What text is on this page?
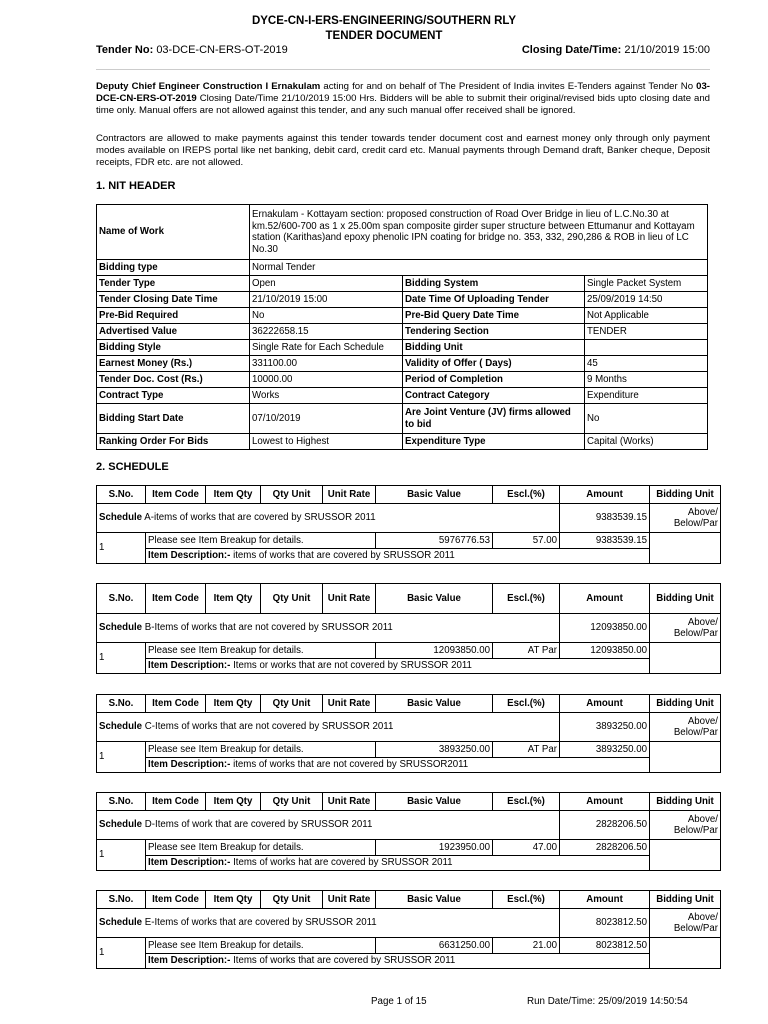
DYCE-CN-I-ERS-ENGINEERING/SOUTHERN RLY
TENDER DOCUMENT
Tender No: 03-DCE-CN-ERS-OT-2019	Closing Date/Time: 21/10/2019 15:00
Deputy Chief Engineer Construction I Ernakulam acting for and on behalf of The President of India invites E-Tenders against Tender No 03-DCE-CN-ERS-OT-2019 Closing Date/Time 21/10/2019 15:00 Hrs. Bidders will be able to submit their original/revised bids upto closing date and time only. Manual offers are not allowed against this tender, and any such manual offer received shall be ignored.
Contractors are allowed to make payments against this tender towards tender document cost and earnest money only through only payment modes available on IREPS portal like net banking, debit card, credit card etc. Manual payments through Demand draft, Banker cheque, Deposit receipts, FDR etc. are not allowed.
1. NIT HEADER
Name of Work	Ernakulam - Kottayam section: proposed construction of Road Over Bridge in lieu of L.C.No.30 at km.52/600-700 as 1 x 25.00m span composite girder super structure between Ettumanur and Kottayam station (Karithas)and epoxy phenolic IPN coating for bridge no. 353, 332, 290,286 & ROB in lieu of LC No.30		
Bidding type	Normal Tender		
Tender Type	Open	Bidding System	Single Packet System
Tender Closing Date Time	21/10/2019 15:00	Date Time Of Uploading Tender	25/09/2019 14:50
Pre-Bid Required	No	Pre-Bid Query Date Time	Not Applicable
Advertised Value	36222658.15	Tendering Section	TENDER
Bidding Style	Single Rate for Each Schedule	Bidding Unit	
Earnest Money (Rs.)	331100.00	Validity of Offer ( Days)	45
Tender Doc. Cost (Rs.)	10000.00	Period of Completion	9 Months
Contract Type	Works	Contract Category	Expenditure
Bidding Start Date	07/10/2019	Are Joint Venture (JV) firms allowed to bid	No
Ranking Order For Bids	Lowest to Highest	Expenditure Type	Capital (Works)
2. SCHEDULE
S.No.	Item Code	Item Qty	Qty Unit	Unit Rate	Basic Value	Escl.(%)	Amount	Bidding Unit
Schedule A-items of works that are covered by SRUSSOR 2011							9383539.15	Above/ Below/Par
1	Please see Item Breakup for details.				5976776.53	57.00	9383539.15	
	Item Description:- items of works that are covered by SRUSSOR 2011							
S.No.	Item Code	Item Qty	Qty Unit	Unit Rate	Basic Value	Escl.(%)	Amount	Bidding Unit
Schedule B-Items of works that are not covered by SRUSSOR 2011							12093850.00	Above/ Below/Par
1	Please see Item Breakup for details.				12093850.00	AT Par	12093850.00	
	Item Description:- Items or works that are not covered by SRUSSOR 2011							
S.No.	Item Code	Item Qty	Qty Unit	Unit Rate	Basic Value	Escl.(%)	Amount	Bidding Unit
Schedule C-Items of works that are not covered by SRUSSOR 2011							3893250.00	Above/ Below/Par
1	Please see Item Breakup for details.				3893250.00	AT Par	3893250.00	
	Item Description:- items of works that are not covered by SRUSSOR2011							
S.No.	Item Code	Item Qty	Qty Unit	Unit Rate	Basic Value	Escl.(%)	Amount	Bidding Unit
Schedule D-Items of work that are covered by SRUSSOR 2011							2828206.50	Above/ Below/Par
1	Please see Item Breakup for details.				1923950.00	47.00	2828206.50	
	Item Description:- Items of works hat are covered by SRUSSOR 2011							
S.No.	Item Code	Item Qty	Qty Unit	Unit Rate	Basic Value	Escl.(%)	Amount	Bidding Unit
Schedule E-Items of works that are covered by SRUSSOR 2011							8023812.50	Above/ Below/Par
1	Please see Item Breakup for details.				6631250.00	21.00	8023812.50	
	Item Description:- Items of works that are covered by SRUSSOR 2011							
Page 1 of 15	Run Date/Time: 25/09/2019 14:50:54
